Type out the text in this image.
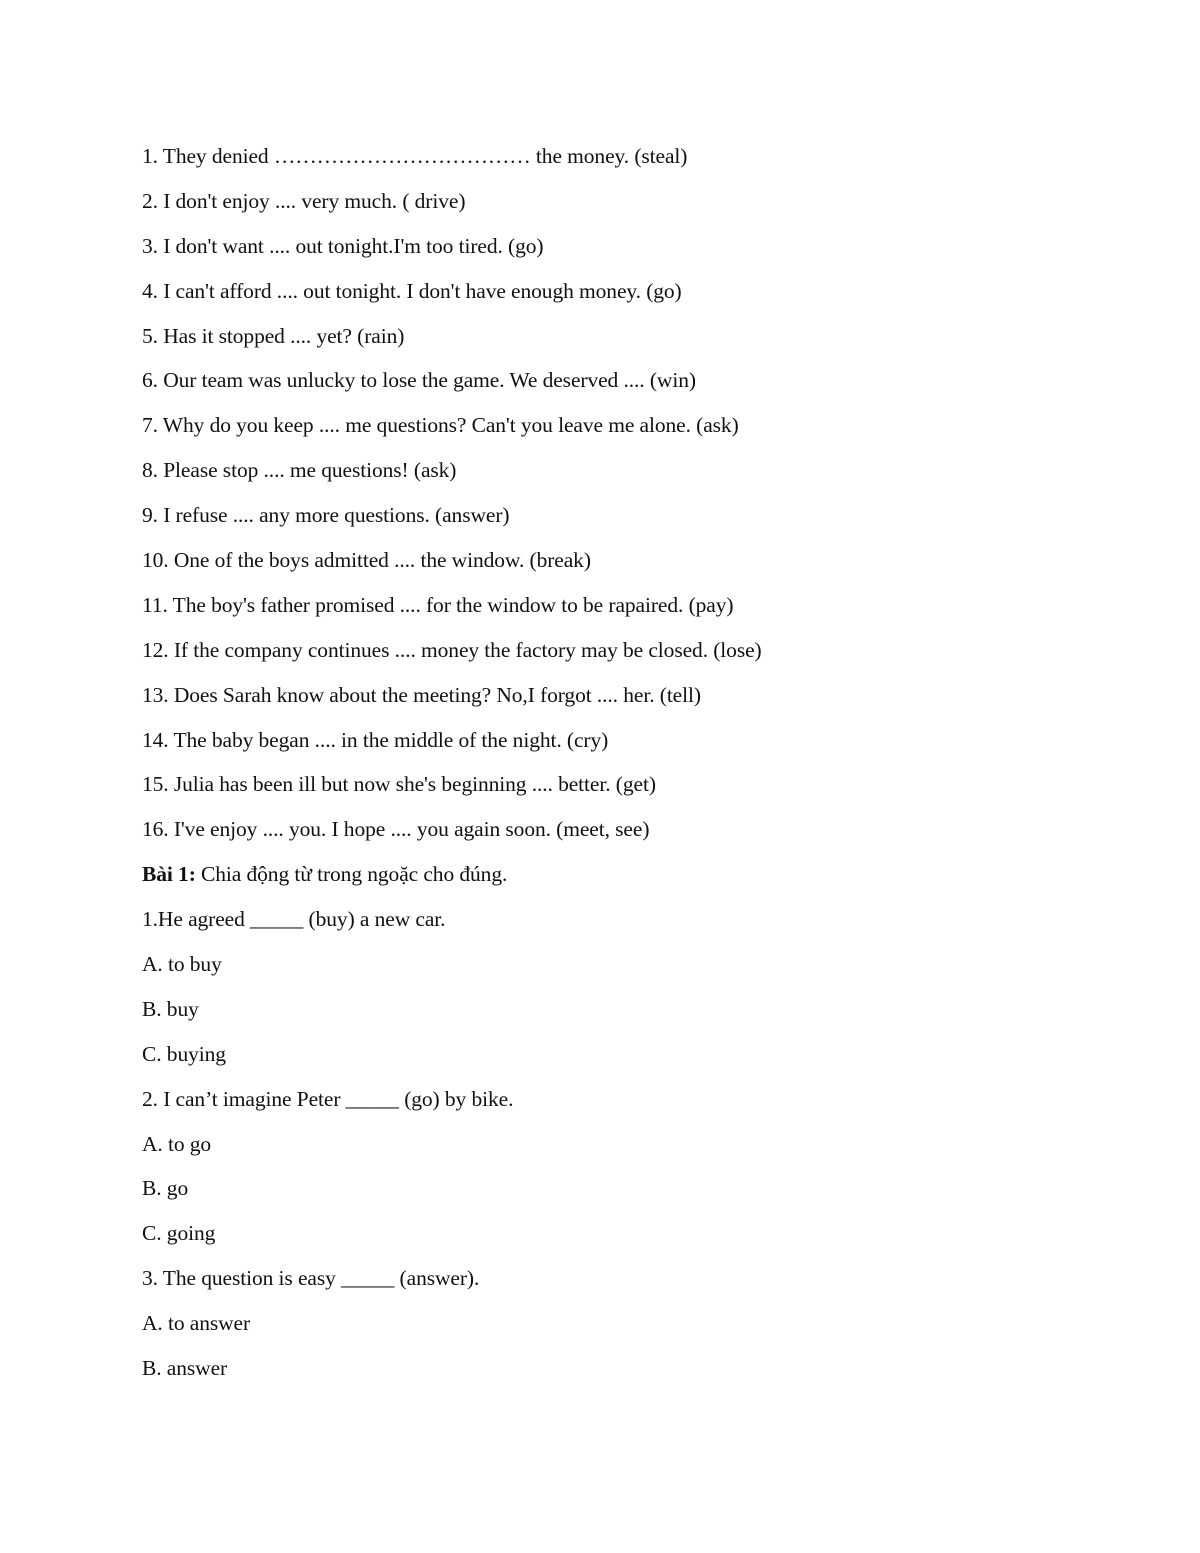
1. They denied ……………………………… the money. (steal)
2. I don't enjoy .... very much. ( drive)
3. I don't want .... out tonight.I'm too tired. (go)
4. I can't afford .... out tonight. I don't have enough money. (go)
5. Has it stopped .... yet? (rain)
6. Our team was unlucky to lose the game. We deserved .... (win)
7. Why do you keep .... me questions? Can't you leave me alone. (ask)
8. Please stop .... me questions! (ask)
9. I refuse .... any more questions. (answer)
10. One of the boys admitted .... the window. (break)
11. The boy's father promised .... for the window to be rapaired. (pay)
12. If the company continues .... money the factory may be closed. (lose)
13. Does Sarah know about the meeting? No,I forgot .... her. (tell)
14. The baby began .... in the middle of the night. (cry)
15. Julia has been ill but now she's beginning .... better. (get)
16. I've enjoy .... you. I hope .... you again soon. (meet, see)
Bài 1: Chia động từ trong ngoặc cho đúng.
1.He agreed _____ (buy) a new car.
A. to buy
B. buy
C. buying
2. I can’t imagine Peter _____ (go) by bike.
A. to go
B. go
C. going
3. The question is easy _____ (answer).
A. to answer
B. answer
